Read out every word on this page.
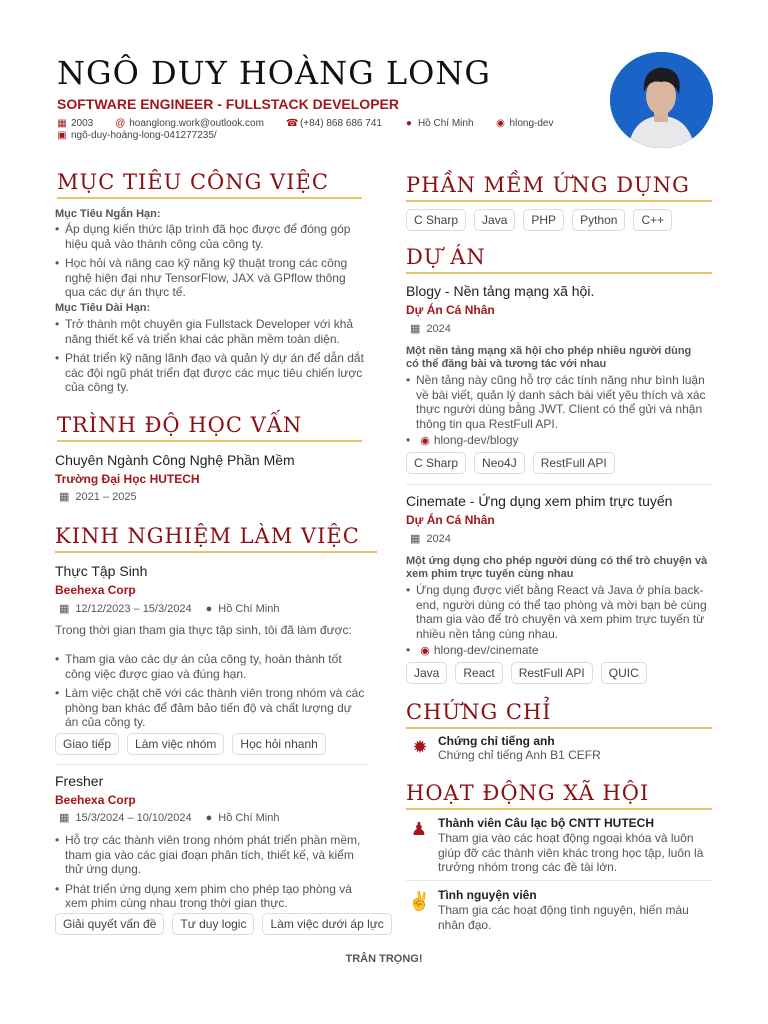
NGÔ DUY HOÀNG LONG
SOFTWARE ENGINEER - FULLSTACK DEVELOPER
▦ 2003 @ hoanglong.work@outlook.com ☎ (+84) 868 686 741 ● Hồ Chí Minh ◉ hlong-dev

▣ ngô-duy-hoàng-long-041277235/
MỤC TIÊU CÔNG VIỆC
Mục Tiêu Ngắn Hạn:
• Áp dụng kiến thức lập trình đã học được để đóng góp hiệu quả vào thành công của công ty.
• Học hỏi và nâng cao kỹ năng kỹ thuật trong các công nghệ hiện đại như TensorFlow, JAX và GPflow thông qua các dự án thực tế.
Mục Tiêu Dài Hạn:
• Trở thành một chuyên gia Fullstack Developer với khả năng thiết kế và triển khai các phần mềm toàn diện.
• Phát triển kỹ năng lãnh đạo và quản lý dự án để dẫn dắt các đội ngũ phát triển đạt được các mục tiêu chiến lược của công ty.
TRÌNH ĐỘ HỌC VẤN
Chuyên Ngành Công Nghệ Phần Mềm
Trường Đại Học HUTECH
▦ 2021 – 2025
KINH NGHIỆM LÀM VIỆC
Thực Tập Sinh
Beehexa Corp
▦ 12/12/2023 – 15/3/2024 ● Hồ Chí Minh
Trong thời gian tham gia thực tập sinh, tôi đã làm được:
• Tham gia vào các dự án của công ty, hoàn thành tốt công việc được giao và đúng hạn.
• Làm việc chặt chẽ với các thành viên trong nhóm và các phòng ban khác để đảm bảo tiến độ và chất lượng dự án của công ty.
Giao tiếp	Làm việc nhóm	Học hỏi nhanh
Fresher
Beehexa Corp
▦ 15/3/2024 – 10/10/2024 ● Hồ Chí Minh
• Hỗ trợ các thành viên trong nhóm phát triển phần mềm, tham gia vào các giai đoạn phân tích, thiết kế, và kiểm thử ứng dụng.
• Phát triển ứng dụng xem phim cho phép tạo phòng và xem phim cùng nhau trong thời gian thực.
Giải quyết vấn đề	Tư duy logic	Làm việc dưới áp lực
PHẦN MỀM ỨNG DỤNG
C Sharp	Java	PHP	Python	C++
DỰ ÁN
Blogy - Nền tảng mạng xã hội.
Dự Án Cá Nhân
▦ 2024
Một nền tảng mạng xã hội cho phép nhiều người dùng có thể đăng bài và tương tác với nhau
• Nền tảng này cũng hỗ trợ các tính năng như bình luận về bài viết, quản lý danh sách bài viết yêu thích và xác thực người dùng bằng JWT. Client có thể gửi và nhận thông tin qua RestFull API.
• ◉ hlong-dev/blogy
C Sharp	Neo4J	RestFull API
Cinemate - Ứng dụng xem phim trực tuyến
Dự Án Cá Nhân
▦ 2024
Một ứng dụng cho phép người dùng có thể trò chuyện và xem phim trực tuyến cùng nhau
• Ứng dụng được viết bằng React và Java ở phía back-end, người dùng có thể tạo phòng và mời bạn bè cùng tham gia vào để trò chuyện và xem phim trực tuyến từ nhiều nền tảng cùng nhau.
• ◉ hlong-dev/cinemate
Java	React	RestFull API	QUIC
CHỨNG CHỈ
✹ Chứng chỉ tiếng anh
Chứng chỉ tiếng Anh B1 CEFR
HOẠT ĐỘNG XÃ HỘI
♟ Thành viên Câu lạc bộ CNTT HUTECH
Tham gia vào các hoạt động ngoại khóa và luôn giúp đỡ các thành viên khác trong học tập, luôn là trưởng nhóm trong các đề tài lớn.
✌ Tình nguyện viên
Tham gia các hoạt động tình nguyện, hiến máu nhân đạo.
TRÂN TRỌNG!
